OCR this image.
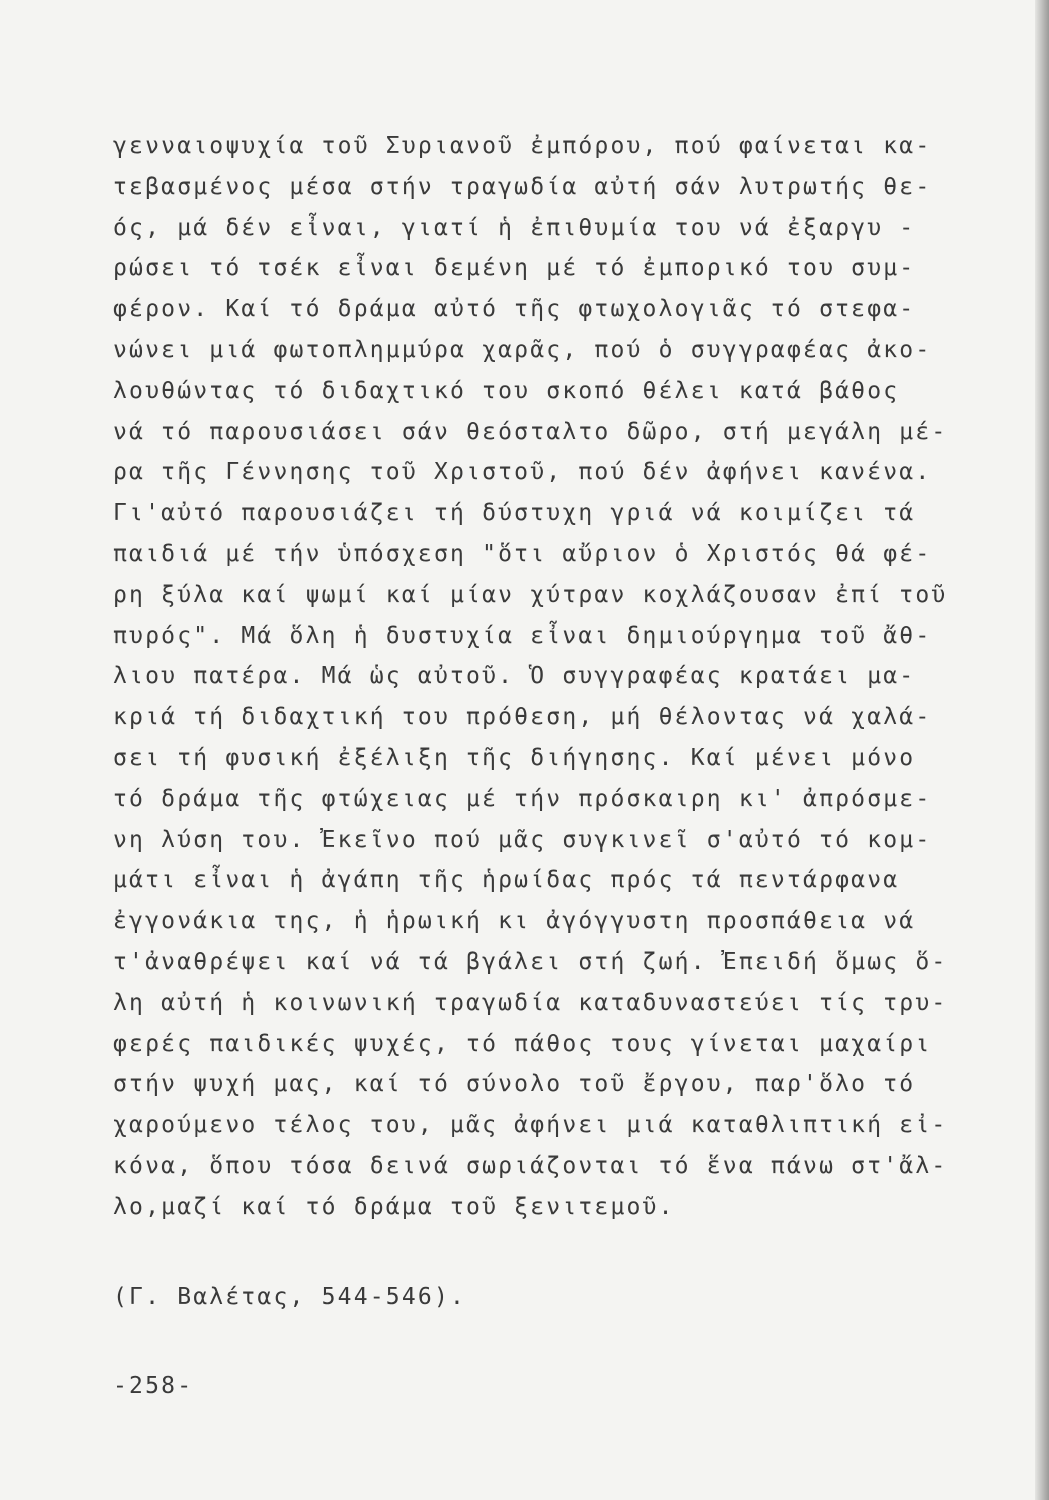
γενναιοψυχία τοῦ Συριανοῦ ἐμπόρου, πού φαίνεται κα-
τεβασμένος μέσα στήν τραγωδία αὐτή σάν λυτρωτής θε-
ός, μά δέν εἶναι, γιατί ἡ ἐπιθυμία του νά ἐξαργυ -
ρώσει τό τσέκ εἶναι δεμένη μέ τό ἐμπορικό του συμ-
φέρον. Καί τό δράμα αὐτό τῆς φτωχολογιᾶς τό στεφα-
νώνει μιά φωτοπλημμύρα χαρᾶς, πού ὁ συγγραφέας ἀκο-
λουθώντας τό διδαχτικό του σκοπό θέλει κατά βάθος
νά τό παρουσιάσει σάν θεόσταλτο δῶρο, στή μεγάλη μέ-
ρα τῆς Γέννησης τοῦ Χριστοῦ, πού δέν ἀφήνει κανένα.
Γι'αὐτό παρουσιάζει τή δύστυχη γριά νά κοιμίζει τά
παιδιά μέ τήν ὑπόσχεση "ὅτι αὔριον ὁ Χριστός θά φέ-
ρη ξύλα καί ψωμί καί μίαν χύτραν κοχλάζουσαν ἐπί τοῦ
πυρός". Μά ὅλη ἡ δυστυχία εἶναι δημιούργημα τοῦ ἄθ-
λιου πατέρα. Μά ὡς αὐτοῦ. Ὁ συγγραφέας κρατάει μα-
κριά τή διδαχτική του πρόθεση, μή θέλοντας νά χαλά-
σει τή φυσική ἐξέλιξη τῆς διήγησης. Καί μένει μόνο
τό δράμα τῆς φτώχειας μέ τήν πρόσκαιρη κι' ἀπρόσμε-
νη λύση του. Ἐκεῖνο πού μᾶς συγκινεῖ σ'αὐτό τό κομ-
μάτι εἶναι ἡ ἀγάπη τῆς ἡρωίδας πρός τά πεντάρφανα
ἐγγονάκια της, ἡ ἡρωική κι ἀγόγγυστη προσπάθεια νά
τ'ἀναθρέψει καί νά τά βγάλει στή ζωή. Ἐπειδή ὅμως ὅ-
λη αὐτή ἡ κοινωνική τραγωδία καταδυναστεύει τίς τρυ-
φερές παιδικές ψυχές, τό πάθος τους γίνεται μαχαίρι
στήν ψυχή μας, καί τό σύνολο τοῦ ἔργου, παρ'ὅλο τό
χαρούμενο τέλος του, μᾶς ἀφήνει μιά καταθλιπτική εἰ-
κόνα, ὅπου τόσα δεινά σωριάζονται τό ἕνα πάνω στ'ἄλ-
λο,μαζί καί τό δράμα τοῦ ξενιτεμοῦ.
(Γ. Βαλέτας, 544-546).
-258-
